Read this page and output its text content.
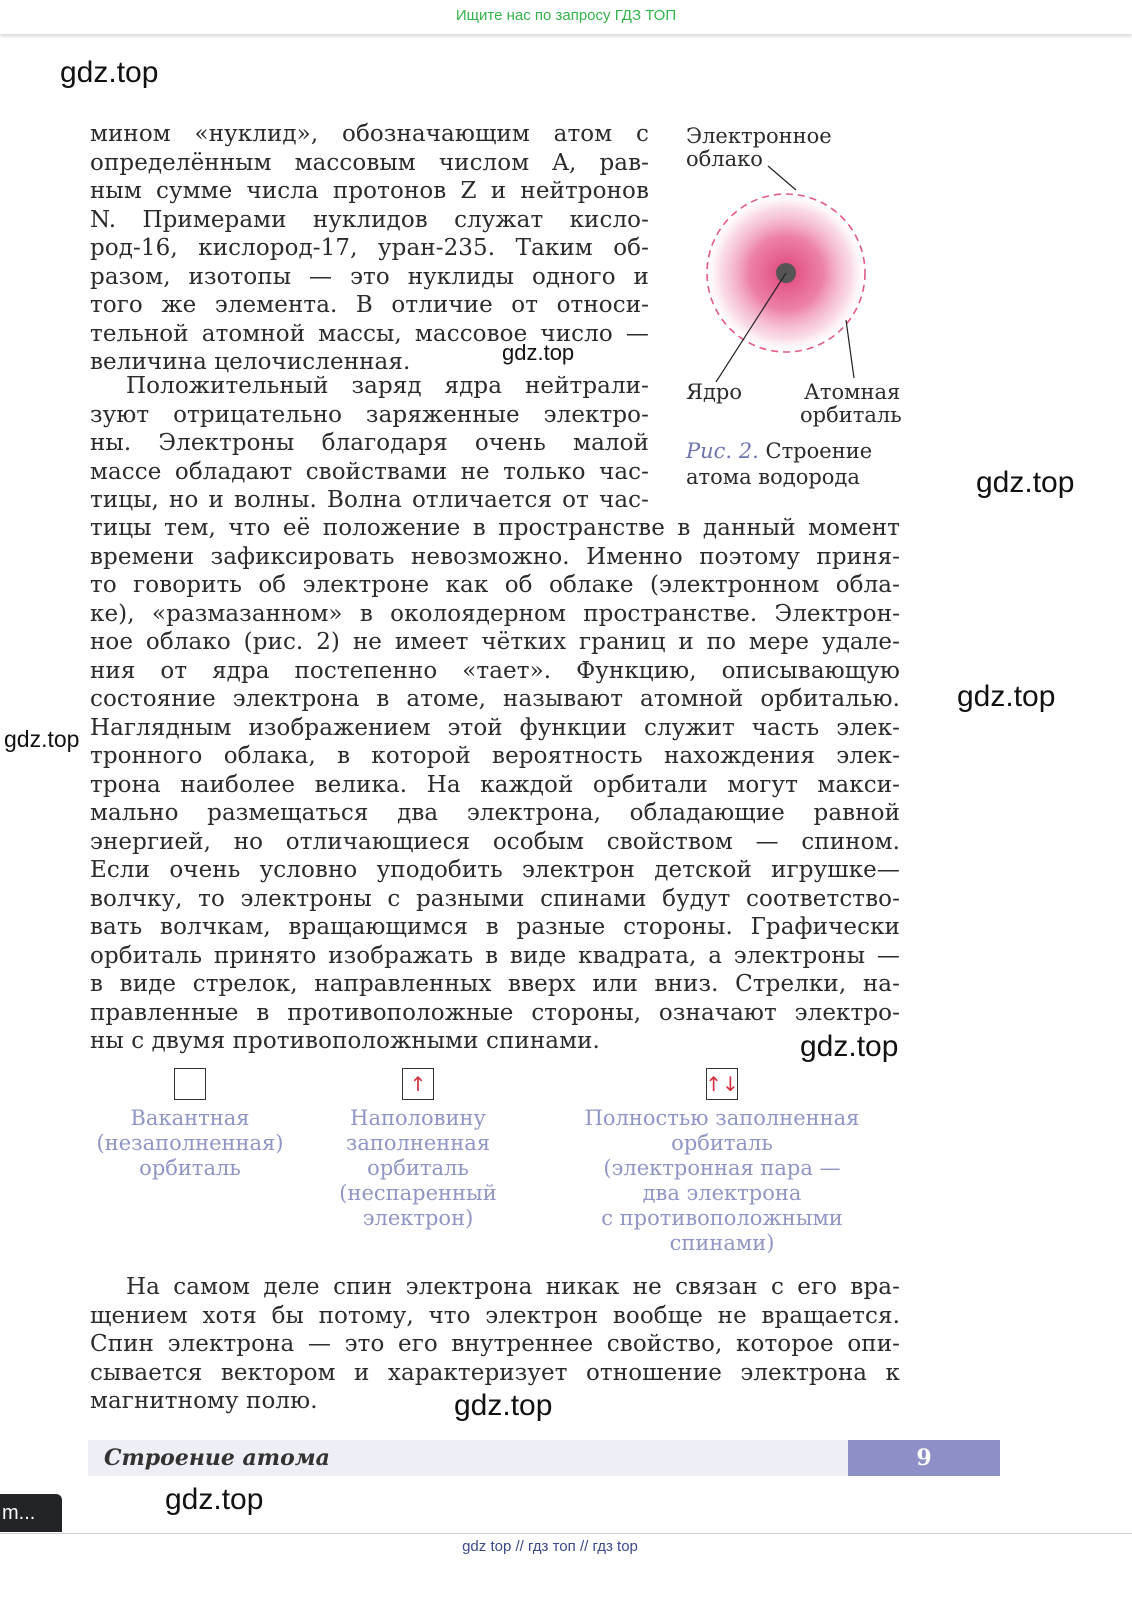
Ищите нас по запросу ГДЗ ТОП
gdz.top
gdz.top
gdz.top
gdz.top
gdz.top
gdz.top
gdz.top
gdz.top
мином «нуклид», обозначающим атом с
определённым массовым числом A, рав-
ным сумме числа протонов Z и нейтронов
N. Примерами нуклидов служат кисло-
род-16, кислород-17, уран-235. Таким об-
разом, изотопы — это нуклиды одного и
того же элемента. В отличие от относи-
тельной атомной массы, массовое число —
величина целочисленная.
Положительный заряд ядра нейтрали-
зуют отрицательно заряженные электро-
ны. Электроны благодаря очень малой
массе обладают свойствами не только час-
тицы, но и волны. Волна отличается от час-
тицы тем, что её положение в пространстве в данный момент
времени зафиксировать невозможно. Именно поэтому приня-
то говорить об электроне как об облаке (электронном обла-
ке), «размазанном» в околоядерном пространстве. Электрон-
ное облако (рис. 2) не имеет чётких границ и по мере удале-
ния от ядра постепенно «тает». Функцию, описывающую
состояние электрона в атоме, называют атомной орбиталью.
Наглядным изображением этой функции служит часть элек-
тронного облака, в которой вероятность нахождения элек-
трона наиболее велика. На каждой орбитали могут макси-
мально размещаться два электрона, обладающие равной
энергией, но отличающиеся особым свойством — спином.
Если очень условно уподобить электрон детской игрушке—
волчку, то электроны с разными спинами будут соответство-
вать волчкам, вращающимся в разные стороны. Графически
орбиталь принято изображать в виде квадрата, а электроны —
в виде стрелок, направленных вверх или вниз. Стрелки, на-
правленные в противоположные стороны, означают электро-
ны с двумя противоположными спинами.
Электронное
облако
Ядро	Атомная
орбиталь
Рис. 2. Строение
атома водорода
Вакантная
(незаполненная)
орбиталь
↑
Наполовину
заполненная
орбиталь
(неспаренный
электрон)
↑↓
Полностью заполненная
орбиталь
(электронная пара —
два электрона
с противоположными
спинами)
На самом деле спин электрона никак не связан с его вра-
щением хотя бы потому, что электрон вообще не вращается.
Спин электрона — это его внутреннее свойство, которое опи-
сывается вектором и характеризует отношение электрона к
магнитному полю.
Строение атома	9
m...
gdz top // гдз топ // гдз top
